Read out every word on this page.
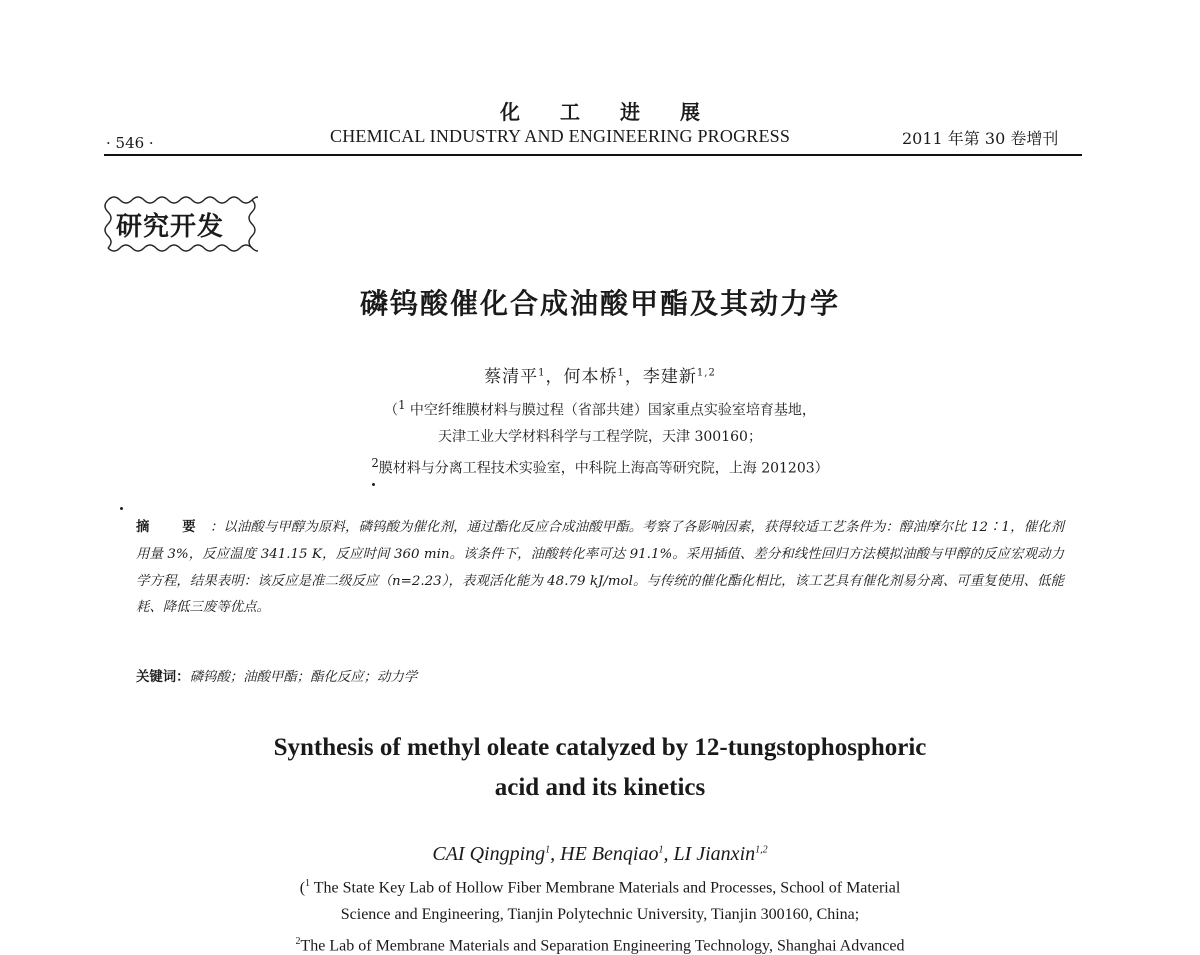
化工进展
· 546 ·	CHEMICAL INDUSTRY AND ENGINEERING PROGRESS	2011 年第 30 卷增刊
研究开发
磷钨酸催化合成油酸甲酯及其动力学
蔡清平$^1$，何本桥$^1$，李建新$^{1,2}$
（$^1$ 中空纤维膜材料与膜过程（省部共建）国家重点实验室培育基地，
天津工业大学材料科学与工程学院，天津 300160；
$^2$膜材料与分离工程技术实验室，中科院上海高等研究院，上海 201203）
摘 要：以油酸与甲醇为原料，磷钨酸为催化剂，通过酯化反应合成油酸甲酯。考察了各影响因素，获得较适工艺条件为：醇油摩尔比 12∶1，催化剂用量 3%，反应温度 341.15 K，反应时间 360 min。该条件下，油酸转化率可达 91.1%。采用插值、差分和线性回归方法模拟油酸与甲醇的反应宏观动力学方程，结果表明：该反应是准二级反应（n=2.23），表观活化能为 48.79 kJ/mol。与传统的催化酯化相比，该工艺具有催化剂易分离、可重复使用、低能耗、降低三废等优点。
关键词：磷钨酸；油酸甲酯；酯化反应；动力学
Synthesis of methyl oleate catalyzed by 12-tungstophosphoric
acid and its kinetics
CAI Qingping$^1$, HE Benqiao$^1$, LI Jianxin$^{1,2}$
($^1$ The State Key Lab of Hollow Fiber Membrane Materials and Processes, School of Material
Science and Engineering, Tianjin Polytechnic University, Tianjin 300160, China;
$^2$The Lab of Membrane Materials and Separation Engineering Technology, Shanghai Advanced
